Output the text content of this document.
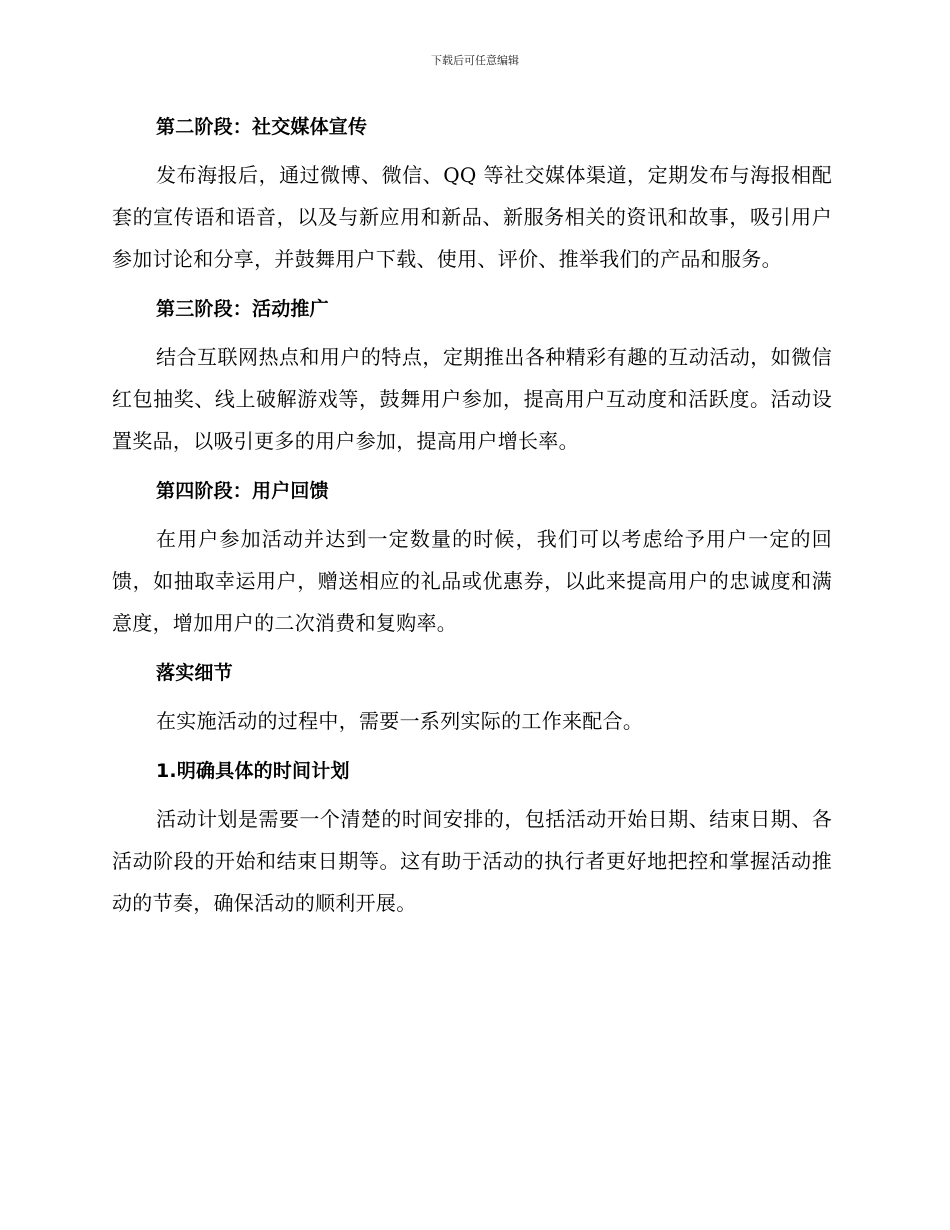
下载后可任意编辑
第二阶段：社交媒体宣传

发布海报后，通过微博、微信、QQ 等社交媒体渠道，定期发布与海报相配套的宣传语和语音，以及与新应用和新品、新服务相关的资讯和故事，吸引用户参加讨论和分享，并鼓舞用户下载、使用、评价、推举我们的产品和服务。

第三阶段：活动推广

结合互联网热点和用户的特点，定期推出各种精彩有趣的互动活动，如微信红包抽奖、线上破解游戏等，鼓舞用户参加，提高用户互动度和活跃度。活动设置奖品，以吸引更多的用户参加，提高用户增长率。

第四阶段：用户回馈

在用户参加活动并达到一定数量的时候，我们可以考虑给予用户一定的回馈，如抽取幸运用户，赠送相应的礼品或优惠券，以此来提高用户的忠诚度和满意度，增加用户的二次消费和复购率。

落实细节

在实施活动的过程中，需要一系列实际的工作来配合。

1.明确具体的时间计划

活动计划是需要一个清楚的时间安排的，包括活动开始日期、结束日期、各活动阶段的开始和结束日期等。这有助于活动的执行者更好地把控和掌握活动推动的节奏，确保活动的顺利开展。
